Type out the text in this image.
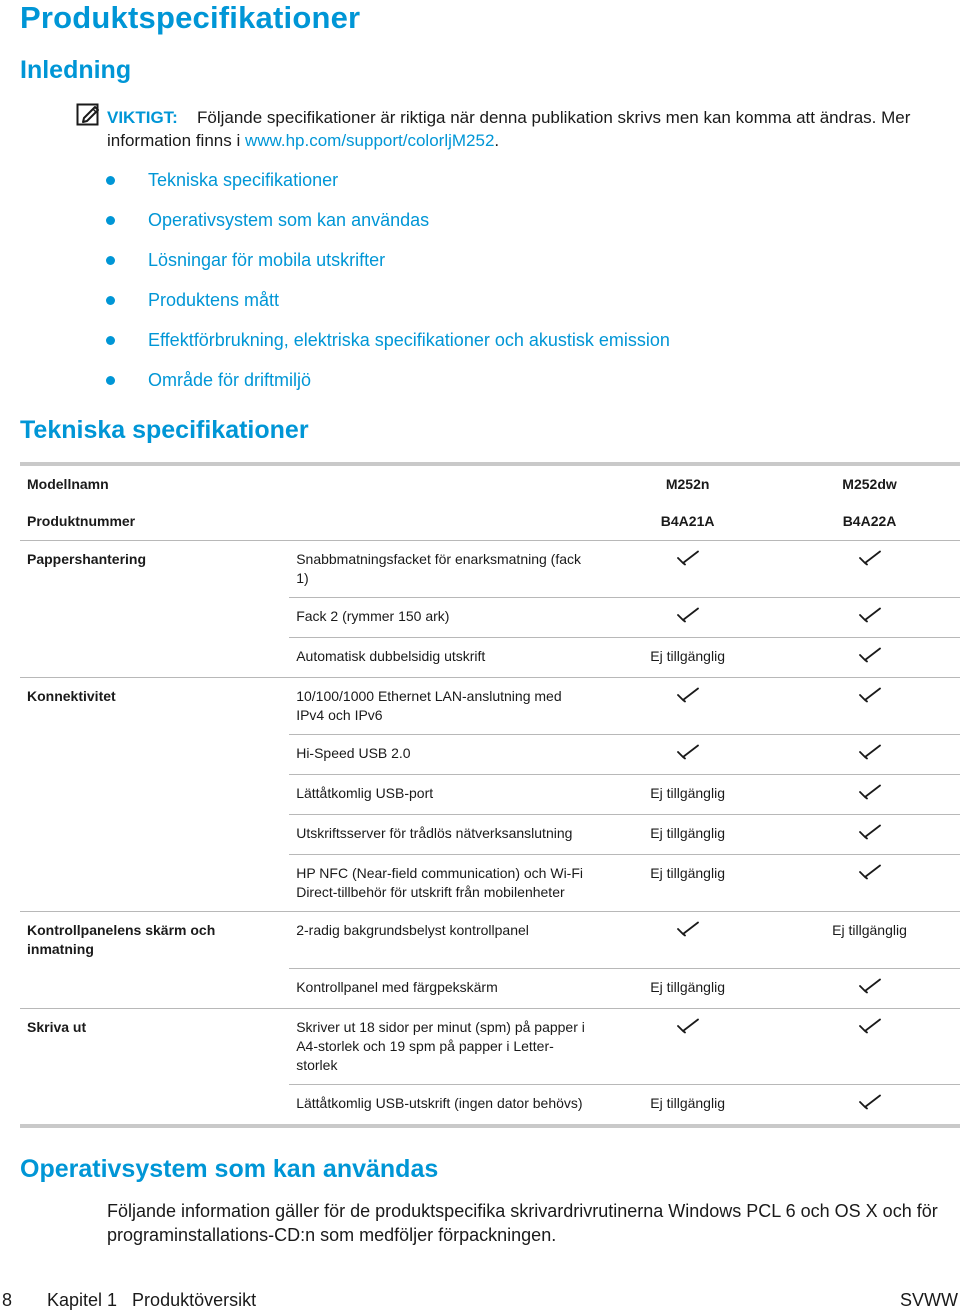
Produktspecifikationer
Inledning
VIKTIGT: Följande specifikationer är riktiga när denna publikation skrivs men kan komma att ändras. Mer information finns i www.hp.com/support/colorljM252.
Tekniska specifikationer
Operativsystem som kan användas
Lösningar för mobila utskrifter
Produktens mått
Effektförbrukning, elektriska specifikationer och akustisk emission
Område för driftmiljö
Tekniska specifikationer
Modellnamn		M252n	M252dw
Produktnummer		B4A21A	B4A22A
Pappershantering	Snabbmatningsfacket för enarksmatning (fack 1)		
	Fack 2 (rymmer 150 ark)		
	Automatisk dubbelsidig utskrift	Ej tillgänglig	
Konnektivitet	10/100/1000 Ethernet LAN-anslutning med IPv4 och IPv6		
	Hi-Speed USB 2.0		
	Lättåtkomlig USB-port	Ej tillgänglig	
	Utskriftsserver för trådlös nätverksanslutning	Ej tillgänglig	
	HP NFC (Near-field communication) och Wi-Fi Direct-tillbehör för utskrift från mobilenheter	Ej tillgänglig	
Kontrollpanelens skärm och inmatning	2-radig bakgrundsbelyst kontrollpanel		Ej tillgänglig
	Kontrollpanel med färgpekskärm	Ej tillgänglig	
Skriva ut	Skriver ut 18 sidor per minut (spm) på papper i A4-storlek och 19 spm på papper i Letter-storlek		
	Lättåtkomlig USB-utskrift (ingen dator behövs)	Ej tillgänglig	
Operativsystem som kan användas
Följande information gäller för de produktspecifika skrivardrivrutinerna Windows PCL 6 och OS X och för programinstallations-CD:n som medföljer förpackningen.
8 Kapitel 1   Produktöversikt	SVWW
